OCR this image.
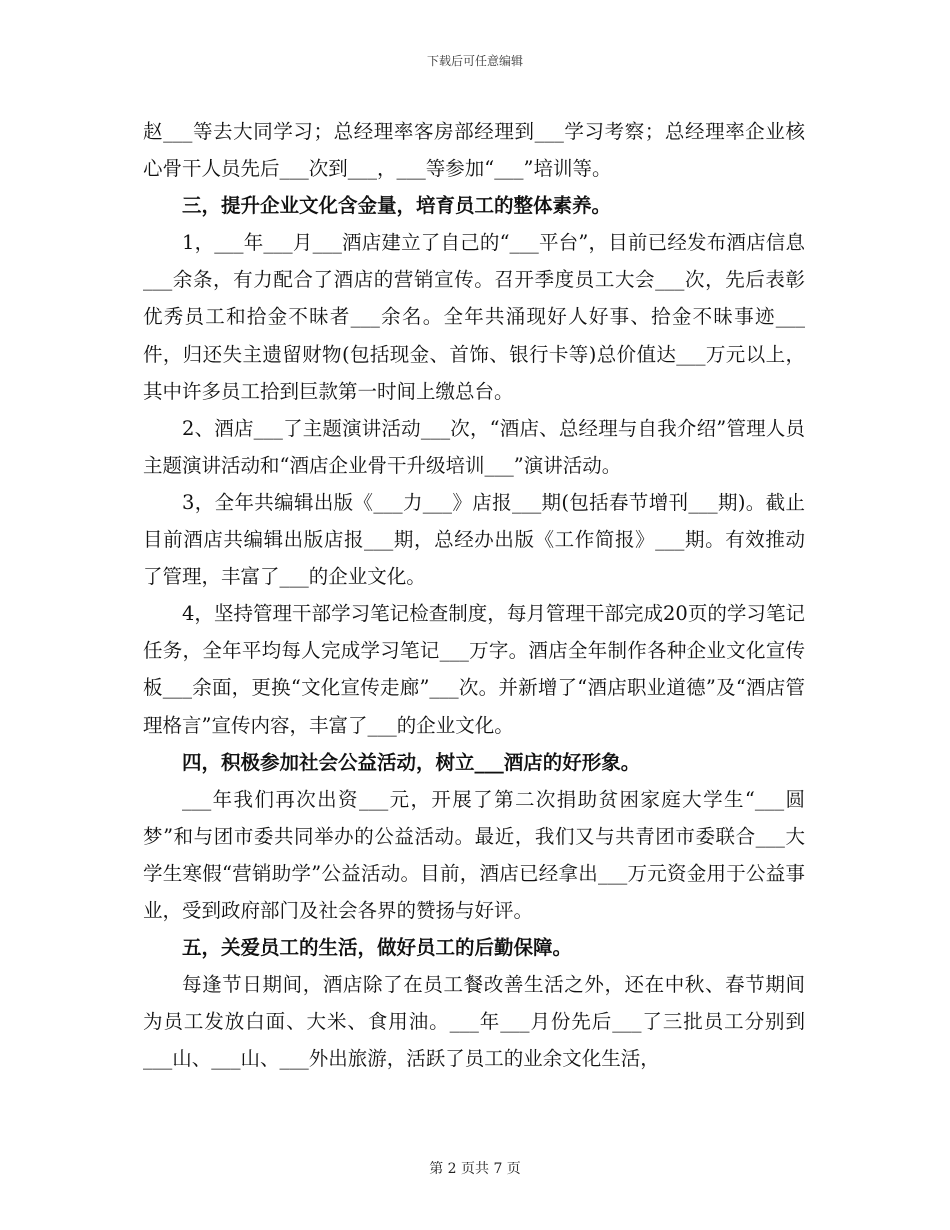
下载后可任意编辑

赵___等去大同学习；总经理率客房部经理到___学习考察；总经理率企业核心骨干人员先后___次到___，___等参加“___”培训等。

三，提升企业文化含金量，培育员工的整体素养。

1，___年___月___酒店建立了自己的“___平台”，目前已经发布酒店信息___余条，有力配合了酒店的营销宣传。召开季度员工大会___次，先后表彰优秀员工和拾金不昧者___余名。全年共涌现好人好事、拾金不昧事迹___件，归还失主遗留财物(包括现金、首饰、银行卡等)总价值达___万元以上，其中许多员工拾到巨款第一时间上缴总台。

2、酒店___了主题演讲活动___次，“酒店、总经理与自我介绍”管理人员主题演讲活动和“酒店企业骨干升级培训___”演讲活动。

3，全年共编辑出版《___力___》店报___期(包括春节增刊___期)。截止目前酒店共编辑出版店报___期，总经办出版《工作简报》___期。有效推动了管理，丰富了___的企业文化。

4，坚持管理干部学习笔记检查制度，每月管理干部完成20页的学习笔记任务，全年平均每人完成学习笔记___万字。酒店全年制作各种企业文化宣传板___余面，更换“文化宣传走廊”___次。并新增了“酒店职业道德”及“酒店管理格言”宣传内容，丰富了___的企业文化。

四，积极参加社会公益活动，树立___酒店的好形象。

___年我们再次出资___元，开展了第二次捐助贫困家庭大学生“___圆梦”和与团市委共同举办的公益活动。最近，我们又与共青团市委联合___大学生寒假“营销助学”公益活动。目前，酒店已经拿出___万元资金用于公益事业，受到政府部门及社会各界的赞扬与好评。

五，关爱员工的生活，做好员工的后勤保障。

每逢节日期间，酒店除了在员工餐改善生活之外，还在中秋、春节期间为员工发放白面、大米、食用油。___年___月份先后___了三批员工分别到___山、___山、___外出旅游，活跃了员工的业余文化生活，

第 2 页共 7 页
